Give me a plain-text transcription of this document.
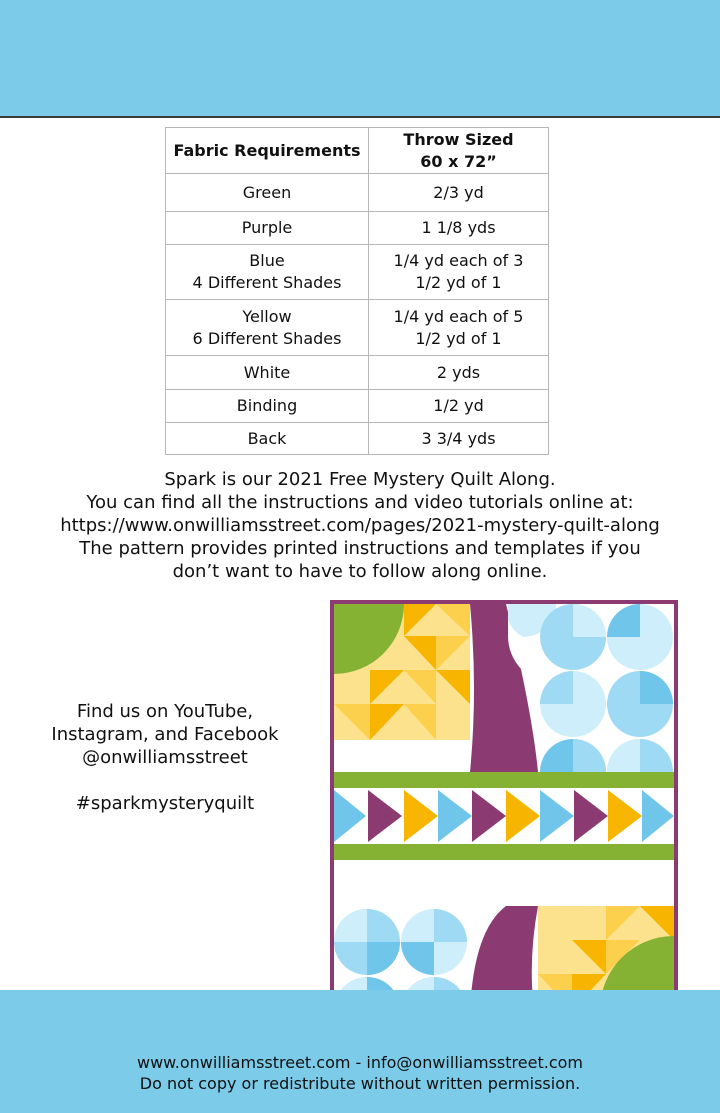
Fabric Requirements	Throw Sized
60 x 72”

Green	2/3 yd
Purple	1 1/8 yds

Blue
4 Different Shades	1/4 yd each of 3
1/2 yd of 1

Yellow
6 Different Shades	1/4 yd each of 5
1/2 yd of 1

White	2 yds
Binding	1/2 yd
Back	3 3/4 yds
Spark is our 2021 Free Mystery Quilt Along.
You can find all the instructions and video tutorials online at:
https://www.onwilliamsstreet.com/pages/2021-mystery-quilt-along
The pattern provides printed instructions and templates if you
don’t want to have to follow along online.
Find us on YouTube,
Instagram, and Facebook
@onwilliamsstreet
#sparkmysteryquilt
www.onwilliamsstreet.com - info@onwilliamsstreet.com
Do not copy or redistribute without written permission.
